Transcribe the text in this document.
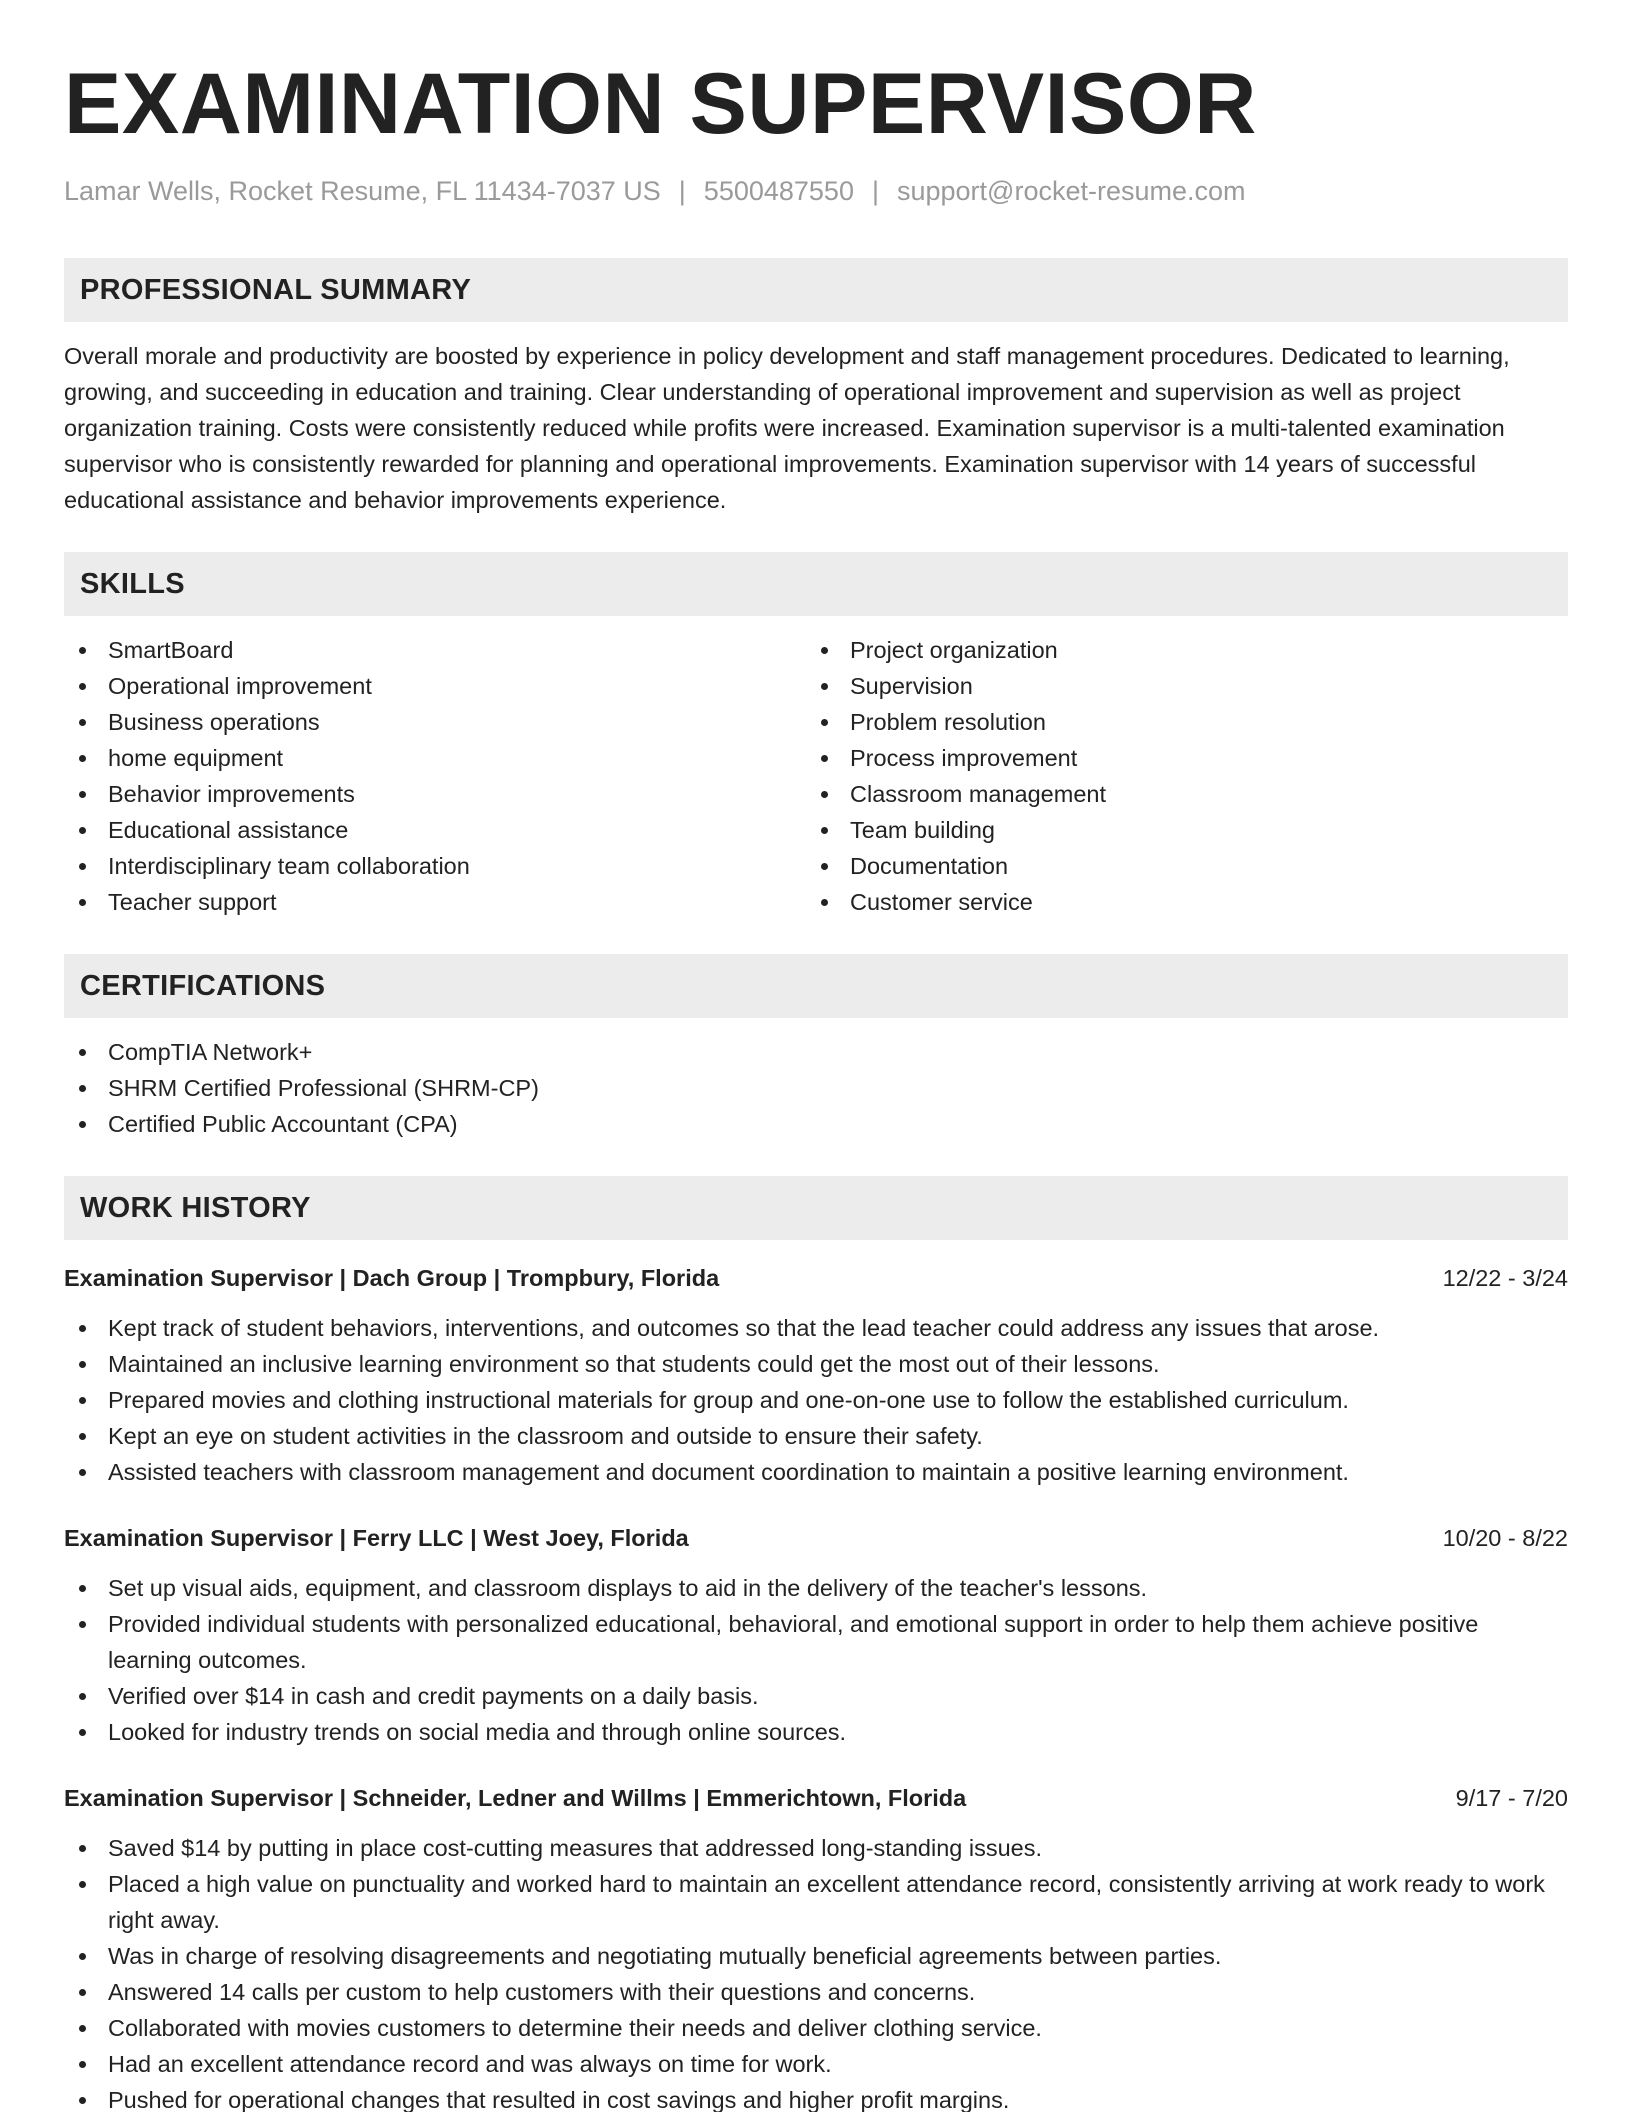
EXAMINATION SUPERVISOR
Lamar Wells, Rocket Resume, FL 11434-7037 US | 5500487550 | support@rocket-resume.com
PROFESSIONAL SUMMARY

Overall morale and productivity are boosted by experience in policy development and staff management procedures. Dedicated to learning, growing, and succeeding in education and training. Clear understanding of operational improvement and supervision as well as project organization training. Costs were consistently reduced while profits were increased. Examination supervisor is a multi-talented examination supervisor who is consistently rewarded for planning and operational improvements. Examination supervisor with 14 years of successful educational assistance and behavior improvements experience.

SKILLS
SmartBoard
Operational improvement
Business operations
home equipment
Behavior improvements
Educational assistance
Interdisciplinary team collaboration
Teacher support
Project organization
Supervision
Problem resolution
Process improvement
Classroom management
Team building
Documentation
Customer service
CERTIFICATIONS
CompTIA Network+
SHRM Certified Professional (SHRM-CP)
Certified Public Accountant (CPA)
WORK HISTORY
Examination Supervisor | Dach Group | Trompbury, Florida	12/22 - 3/24
Kept track of student behaviors, interventions, and outcomes so that the lead teacher could address any issues that arose.
Maintained an inclusive learning environment so that students could get the most out of their lessons.
Prepared movies and clothing instructional materials for group and one-on-one use to follow the established curriculum.
Kept an eye on student activities in the classroom and outside to ensure their safety.
Assisted teachers with classroom management and document coordination to maintain a positive learning environment.
Examination Supervisor | Ferry LLC | West Joey, Florida	10/20 - 8/22
Set up visual aids, equipment, and classroom displays to aid in the delivery of the teacher's lessons.
Provided individual students with personalized educational, behavioral, and emotional support in order to help them achieve positive learning outcomes.
Verified over $14 in cash and credit payments on a daily basis.
Looked for industry trends on social media and through online sources.
Examination Supervisor | Schneider, Ledner and Willms | Emmerichtown, Florida	9/17 - 7/20
Saved $14 by putting in place cost-cutting measures that addressed long-standing issues.
Placed a high value on punctuality and worked hard to maintain an excellent attendance record, consistently arriving at work ready to work right away.
Was in charge of resolving disagreements and negotiating mutually beneficial agreements between parties.
Answered 14 calls per custom to help customers with their questions and concerns.
Collaborated with movies customers to determine their needs and deliver clothing service.
Had an excellent attendance record and was always on time for work.
Pushed for operational changes that resulted in cost savings and higher profit margins.
